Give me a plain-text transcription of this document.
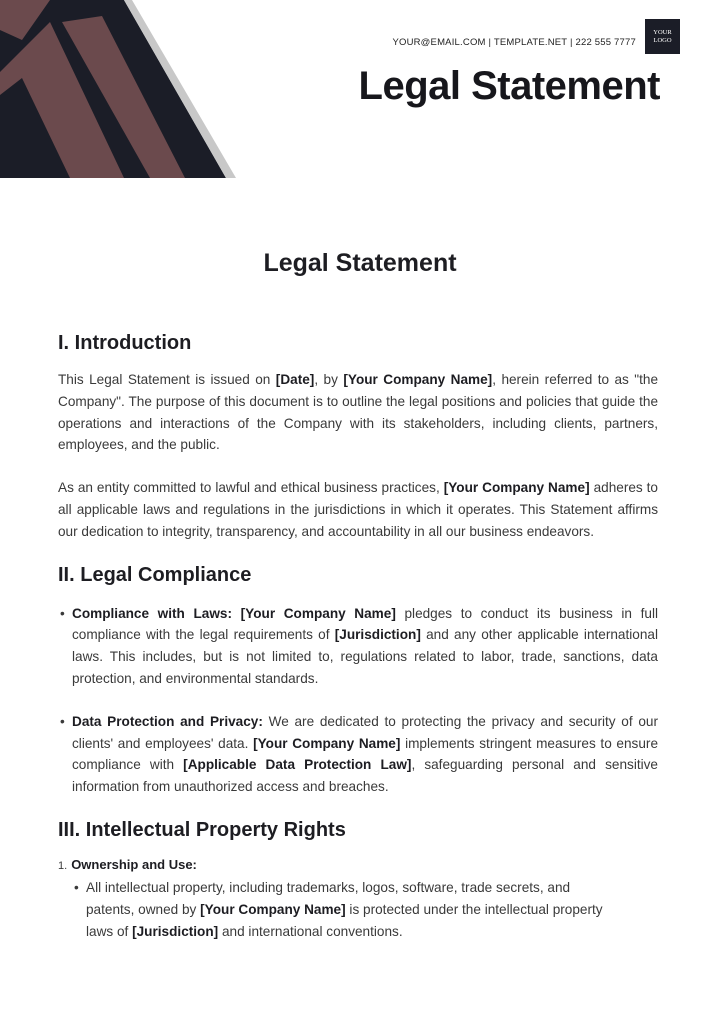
YOUR@EMAIL.COM | TEMPLATE.NET | 222 555 7777
YOUR LOGO
Legal Statement
Legal Statement
I. Introduction

This Legal Statement is issued on [Date], by [Your Company Name], herein referred to as "the Company". The purpose of this document is to outline the legal positions and policies that guide the operations and interactions of the Company with its stakeholders, including clients, partners, employees, and the public.

As an entity committed to lawful and ethical business practices, [Your Company Name] adheres to all applicable laws and regulations in the jurisdictions in which it operates. This Statement affirms our dedication to integrity, transparency, and accountability in all our business endeavors.

II. Legal Compliance
• Compliance with Laws: [Your Company Name] pledges to conduct its business in full compliance with the legal requirements of [Jurisdiction] and any other applicable international laws. This includes, but is not limited to, regulations related to labor, trade, sanctions, data protection, and environmental standards.
• Data Protection and Privacy: We are dedicated to protecting the privacy and security of our clients' and employees' data. [Your Company Name] implements stringent measures to ensure compliance with [Applicable Data Protection Law], safeguarding personal and sensitive information from unauthorized access and breaches.
III. Intellectual Property Rights
1. Ownership and Use:
• All intellectual property, including trademarks, logos, software, trade secrets, and patents, owned by [Your Company Name] is protected under the intellectual property laws of [Jurisdiction] and international conventions.
